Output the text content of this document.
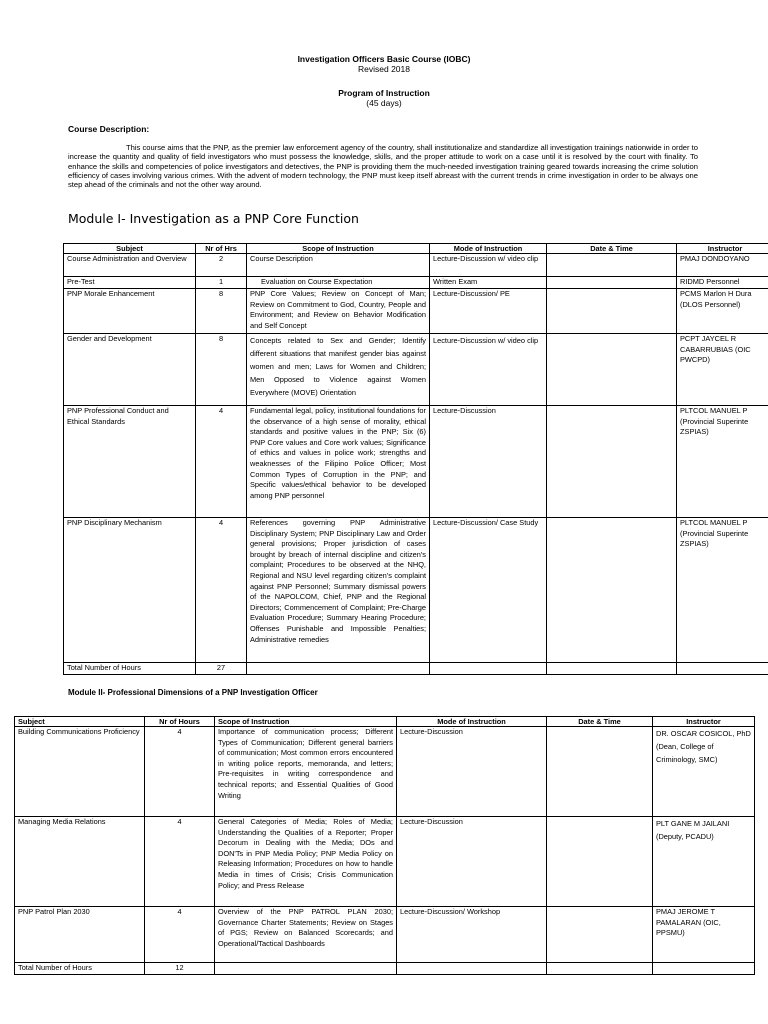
Investigation Officers Basic Course (IOBC)
Revised 2018
Program of Instruction
(45 days)
Course Description:
This course aims that the PNP, as the premier law enforcement agency of the country, shall institutionalize and standardize all investigation trainings nationwide in order to increase the quantity and quality of field investigators who must possess the knowledge, skills, and the proper attitude to work on a case until it is resolved by the court with finality. To enhance the skills and competencies of police investigators and detectives, the PNP is providing them the much-needed investigation training geared towards increasing the crime solution efficiency of cases involving various crimes. With the advent of modern technology, the PNP must keep itself abreast with the current trends in crime investigation in order to be always one step ahead of the criminals and not the other way around.
Module I- Investigation as a PNP Core Function
Subject	Nr of Hrs	Scope of Instruction	Mode of Instruction	Date & Time	Instructor
Course Administration and Overview	2	Course Description	Lecture-Discussion w/ video clip		PMAJ DONDOYANO
Pre-Test	1	Evaluation on Course Expectation	Written Exam		RIDMD Personnel
PNP Morale Enhancement	8	PNP Core Values; Review on Concept of Man; Review on Commitment to God, Country, People and Environment; and Review on Behavior Modification and Self Concept	Lecture-Discussion/ PE		PCMS Marlon H Dura (DLOS Personnel)
Gender and Development	8	Concepts related to Sex and Gender; Identify different situations that manifest gender bias against women and men; Laws for Women and Children; Men Opposed to Violence against Women Everywhere (MOVE) Orientation	Lecture-Discussion w/ video clip		PCPT JAYCEL R CABARRUBIAS (OIC PWCPD)
PNP Professional Conduct and Ethical Standards	4	Fundamental legal, policy, institutional foundations for the observance of a high sense of morality, ethical standards and positive values in the PNP; Six (6) PNP Core values and Core work values; Significance of ethics and values in police work; strengths and weaknesses of the Filipino Police Officer; Most Common Types of Corruption in the PNP; and Specific values/ethical behavior to be developed among PNP personnel	Lecture-Discussion		PLTCOL MANUEL P (Provincial Superinte ZSPIAS)
PNP Disciplinary Mechanism	4	References governing PNP Administrative Disciplinary System; PNP Disciplinary Law and Order general provisions; Proper jurisdiction of cases brought by breach of internal discipline and citizen's complaint; Procedures to be observed at the NHQ, Regional and NSU level regarding citizen's complaint against PNP Personnel; Summary dismissal powers of the NAPOLCOM, Chief, PNP and the Regional Directors; Commencement of Complaint; Pre-Charge Evaluation Procedure; Summary Hearing Procedure; Offenses Punishable and Impossible Penalties; Administrative remedies	Lecture-Discussion/ Case Study		PLTCOL MANUEL P (Provincial Superinte ZSPIAS)
Total Number of Hours	27				
Module II- Professional Dimensions of a PNP Investigation Officer
Subject	Nr of Hours	Scope of Instruction	Mode of Instruction	Date & Time	Instructor
Building Communications Proficiency	4	Importance of communication process; Different Types of Communication; Different general barriers of communication; Most common errors encountered in writing police reports, memoranda, and letters; Pre-requisites in writing correspondence and technical reports; and Essential Qualities of Good Writing	Lecture-Discussion		DR. OSCAR COSICOL, PhD (Dean, College of Criminology, SMC)
Managing Media Relations	4	General Categories of Media; Roles of Media; Understanding the Qualities of a Reporter; Proper Decorum in Dealing with the Media; DOs and DON'Ts in PNP Media Policy; PNP Media Policy on Releasing Information; Procedures on how to handle Media in times of Crisis; Crisis Communication Policy; and Press Release	Lecture-Discussion		PLT GANE M JAILANI (Deputy, PCADU)
PNP Patrol Plan 2030	4	Overview of the PNP PATROL PLAN 2030; Governance Charter Statements; Review on Stages of PGS; Review on Balanced Scorecards; and Operational/Tactical Dashboards	Lecture-Discussion/ Workshop		PMAJ JEROME T PAMALARAN (OIC, PPSMU)
Total Number of Hours	12				
